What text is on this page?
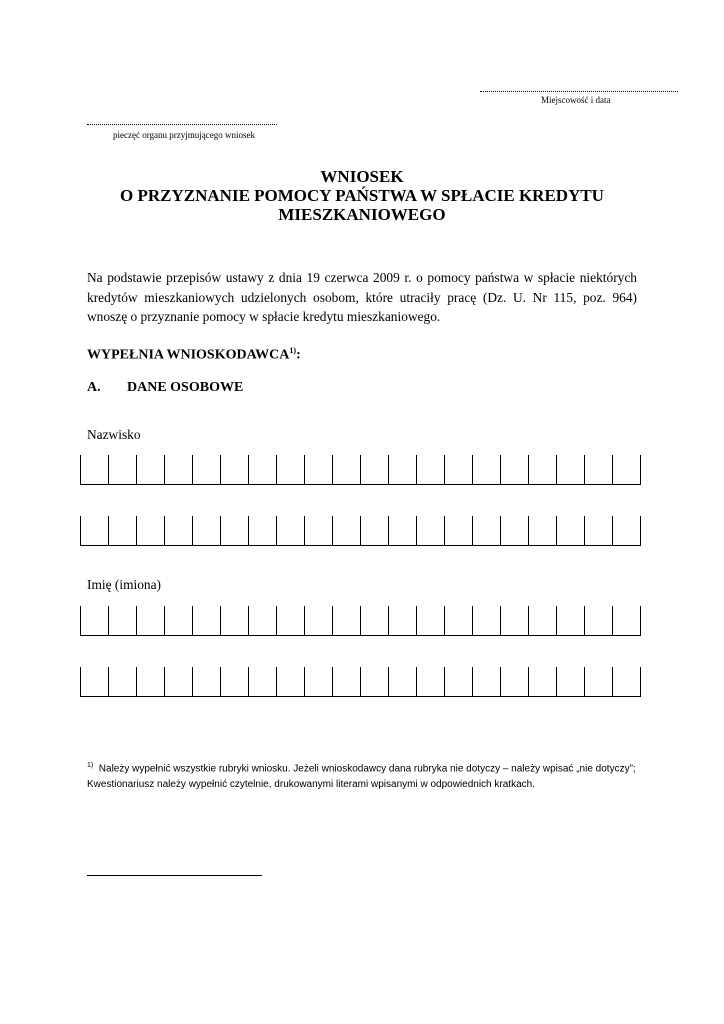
Miejscowość i data
pieczęć organu przyjmującego wniosek
WNIOSEK
O PRZYZNANIE POMOCY PAŃSTWA W SPŁACIE KREDYTU
MIESZKANIOWEGO
Na podstawie przepisów ustawy z dnia 19 czerwca 2009 r. o pomocy państwa w spłacie niektórych kredytów mieszkaniowych udzielonych osobom, które utraciły pracę (Dz. U. Nr 115, poz. 964) wnoszę o przyznanie pomocy w spłacie kredytu mieszkaniowego.
WYPEŁNIA WNIOSKODAWCA$^{1)}$:
A. DANE OSOBOWE
Nazwisko
Imię (imiona)
$^{1)}$ Należy wypełnić wszystkie rubryki wniosku. Jeżeli wnioskodawcy dana rubryka nie dotyczy – należy wpisać „nie dotyczy”;
Kwestionariusz należy wypełnić czytelnie, drukowanymi literami wpisanymi w odpowiednich kratkach.
